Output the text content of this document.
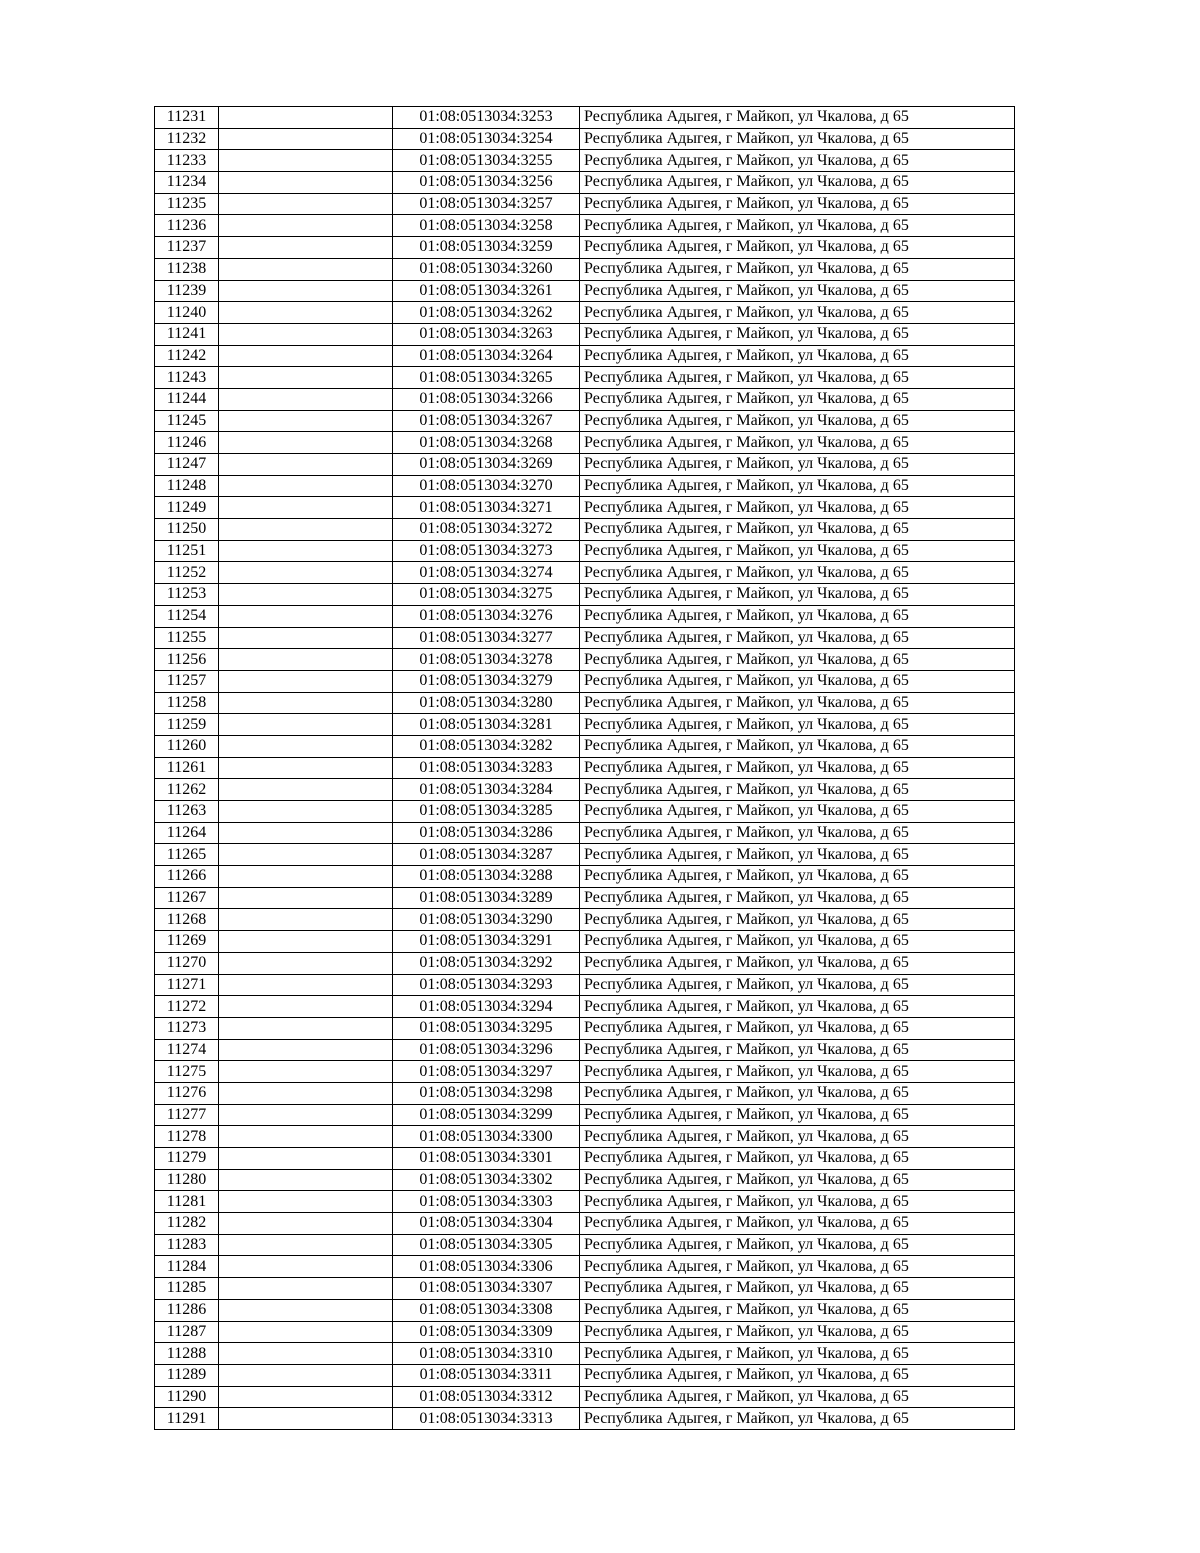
11231		01:08:0513034:3253	Республика Адыгея, г Майкоп, ул Чкалова, д 65
11232		01:08:0513034:3254	Республика Адыгея, г Майкоп, ул Чкалова, д 65
11233		01:08:0513034:3255	Республика Адыгея, г Майкоп, ул Чкалова, д 65
11234		01:08:0513034:3256	Республика Адыгея, г Майкоп, ул Чкалова, д 65
11235		01:08:0513034:3257	Республика Адыгея, г Майкоп, ул Чкалова, д 65
11236		01:08:0513034:3258	Республика Адыгея, г Майкоп, ул Чкалова, д 65
11237		01:08:0513034:3259	Республика Адыгея, г Майкоп, ул Чкалова, д 65
11238		01:08:0513034:3260	Республика Адыгея, г Майкоп, ул Чкалова, д 65
11239		01:08:0513034:3261	Республика Адыгея, г Майкоп, ул Чкалова, д 65
11240		01:08:0513034:3262	Республика Адыгея, г Майкоп, ул Чкалова, д 65
11241		01:08:0513034:3263	Республика Адыгея, г Майкоп, ул Чкалова, д 65
11242		01:08:0513034:3264	Республика Адыгея, г Майкоп, ул Чкалова, д 65
11243		01:08:0513034:3265	Республика Адыгея, г Майкоп, ул Чкалова, д 65
11244		01:08:0513034:3266	Республика Адыгея, г Майкоп, ул Чкалова, д 65
11245		01:08:0513034:3267	Республика Адыгея, г Майкоп, ул Чкалова, д 65
11246		01:08:0513034:3268	Республика Адыгея, г Майкоп, ул Чкалова, д 65
11247		01:08:0513034:3269	Республика Адыгея, г Майкоп, ул Чкалова, д 65
11248		01:08:0513034:3270	Республика Адыгея, г Майкоп, ул Чкалова, д 65
11249		01:08:0513034:3271	Республика Адыгея, г Майкоп, ул Чкалова, д 65
11250		01:08:0513034:3272	Республика Адыгея, г Майкоп, ул Чкалова, д 65
11251		01:08:0513034:3273	Республика Адыгея, г Майкоп, ул Чкалова, д 65
11252		01:08:0513034:3274	Республика Адыгея, г Майкоп, ул Чкалова, д 65
11253		01:08:0513034:3275	Республика Адыгея, г Майкоп, ул Чкалова, д 65
11254		01:08:0513034:3276	Республика Адыгея, г Майкоп, ул Чкалова, д 65
11255		01:08:0513034:3277	Республика Адыгея, г Майкоп, ул Чкалова, д 65
11256		01:08:0513034:3278	Республика Адыгея, г Майкоп, ул Чкалова, д 65
11257		01:08:0513034:3279	Республика Адыгея, г Майкоп, ул Чкалова, д 65
11258		01:08:0513034:3280	Республика Адыгея, г Майкоп, ул Чкалова, д 65
11259		01:08:0513034:3281	Республика Адыгея, г Майкоп, ул Чкалова, д 65
11260		01:08:0513034:3282	Республика Адыгея, г Майкоп, ул Чкалова, д 65
11261		01:08:0513034:3283	Республика Адыгея, г Майкоп, ул Чкалова, д 65
11262		01:08:0513034:3284	Республика Адыгея, г Майкоп, ул Чкалова, д 65
11263		01:08:0513034:3285	Республика Адыгея, г Майкоп, ул Чкалова, д 65
11264		01:08:0513034:3286	Республика Адыгея, г Майкоп, ул Чкалова, д 65
11265		01:08:0513034:3287	Республика Адыгея, г Майкоп, ул Чкалова, д 65
11266		01:08:0513034:3288	Республика Адыгея, г Майкоп, ул Чкалова, д 65
11267		01:08:0513034:3289	Республика Адыгея, г Майкоп, ул Чкалова, д 65
11268		01:08:0513034:3290	Республика Адыгея, г Майкоп, ул Чкалова, д 65
11269		01:08:0513034:3291	Республика Адыгея, г Майкоп, ул Чкалова, д 65
11270		01:08:0513034:3292	Республика Адыгея, г Майкоп, ул Чкалова, д 65
11271		01:08:0513034:3293	Республика Адыгея, г Майкоп, ул Чкалова, д 65
11272		01:08:0513034:3294	Республика Адыгея, г Майкоп, ул Чкалова, д 65
11273		01:08:0513034:3295	Республика Адыгея, г Майкоп, ул Чкалова, д 65
11274		01:08:0513034:3296	Республика Адыгея, г Майкоп, ул Чкалова, д 65
11275		01:08:0513034:3297	Республика Адыгея, г Майкоп, ул Чкалова, д 65
11276		01:08:0513034:3298	Республика Адыгея, г Майкоп, ул Чкалова, д 65
11277		01:08:0513034:3299	Республика Адыгея, г Майкоп, ул Чкалова, д 65
11278		01:08:0513034:3300	Республика Адыгея, г Майкоп, ул Чкалова, д 65
11279		01:08:0513034:3301	Республика Адыгея, г Майкоп, ул Чкалова, д 65
11280		01:08:0513034:3302	Республика Адыгея, г Майкоп, ул Чкалова, д 65
11281		01:08:0513034:3303	Республика Адыгея, г Майкоп, ул Чкалова, д 65
11282		01:08:0513034:3304	Республика Адыгея, г Майкоп, ул Чкалова, д 65
11283		01:08:0513034:3305	Республика Адыгея, г Майкоп, ул Чкалова, д 65
11284		01:08:0513034:3306	Республика Адыгея, г Майкоп, ул Чкалова, д 65
11285		01:08:0513034:3307	Республика Адыгея, г Майкоп, ул Чкалова, д 65
11286		01:08:0513034:3308	Республика Адыгея, г Майкоп, ул Чкалова, д 65
11287		01:08:0513034:3309	Республика Адыгея, г Майкоп, ул Чкалова, д 65
11288		01:08:0513034:3310	Республика Адыгея, г Майкоп, ул Чкалова, д 65
11289		01:08:0513034:3311	Республика Адыгея, г Майкоп, ул Чкалова, д 65
11290		01:08:0513034:3312	Республика Адыгея, г Майкоп, ул Чкалова, д 65
11291		01:08:0513034:3313	Республика Адыгея, г Майкоп, ул Чкалова, д 65
